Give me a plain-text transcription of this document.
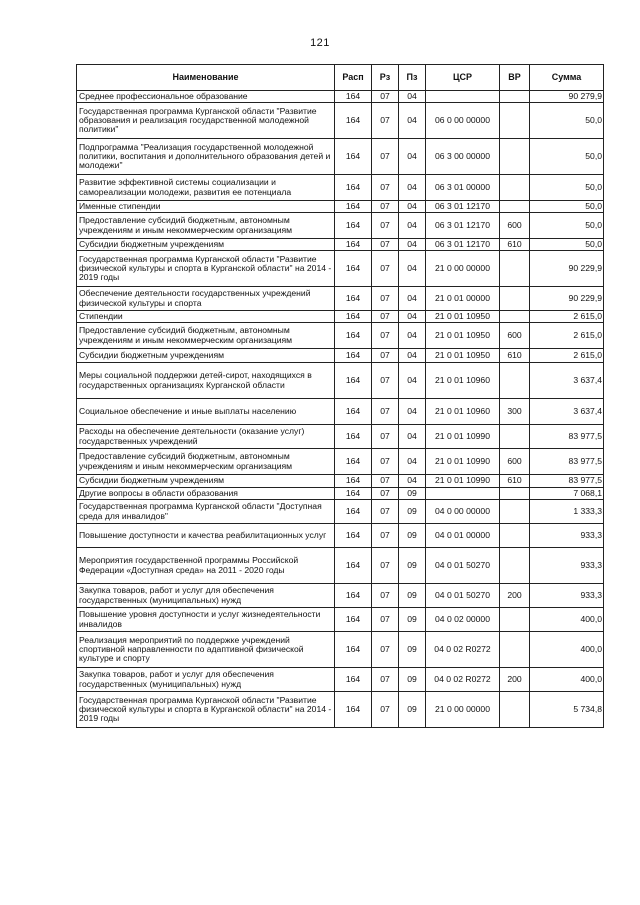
121
Наименование	Расп	Рз	Пз	ЦСР	ВР	Сумма
Среднее профессиональное образование	164	07	04			90 279,9
Государственная программа Курганской области "Развитие образования и реализация государственной молодежной политики"	164	07	04	06 0 00 00000		50,0
Подпрограмма "Реализация государственной молодежной политики, воспитания и дополнительного образования детей и молодежи"	164	07	04	06 3 00 00000		50,0
Развитие эффективной системы социализации и самореализации молодежи, развития ее потенциала	164	07	04	06 3 01 00000		50,0
Именные стипендии	164	07	04	06 3 01 12170		50,0
Предоставление субсидий бюджетным, автономным учреждениям и иным некоммерческим организациям	164	07	04	06 3 01 12170	600	50,0
Субсидии бюджетным учреждениям	164	07	04	06 3 01 12170	610	50,0
Государственная программа Курганской области "Развитие физической культуры и спорта в Курганской области" на 2014 - 2019 годы	164	07	04	21 0 00 00000		90 229,9
Обеспечение деятельности государственных учреждений физической культуры и спорта	164	07	04	21 0 01 00000		90 229,9
Стипендии	164	07	04	21 0 01 10950		2 615,0
Предоставление субсидий бюджетным, автономным учреждениям и иным некоммерческим организациям	164	07	04	21 0 01 10950	600	2 615,0
Субсидии бюджетным учреждениям	164	07	04	21 0 01 10950	610	2 615,0
Меры социальной поддержки детей-сирот, находящихся в государственных организациях Курганской области	164	07	04	21 0 01 10960		3 637,4
Социальное обеспечение и иные выплаты населению	164	07	04	21 0 01 10960	300	3 637,4
Расходы на обеспечение деятельности (оказание услуг) государственных учреждений	164	07	04	21 0 01 10990		83 977,5
Предоставление субсидий бюджетным, автономным учреждениям и иным некоммерческим организациям	164	07	04	21 0 01 10990	600	83 977,5
Субсидии бюджетным учреждениям	164	07	04	21 0 01 10990	610	83 977,5
Другие вопросы в области образования	164	07	09			7 068,1
Государственная программа Курганской области "Доступная среда для инвалидов"	164	07	09	04 0 00 00000		1 333,3
Повышение доступности и качества реабилитационных услуг	164	07	09	04 0 01 00000		933,3
Мероприятия государственной программы Российской Федерации «Доступная среда» на 2011 - 2020 годы	164	07	09	04 0 01 50270		933,3
Закупка товаров, работ и услуг для обеспечения государственных (муниципальных) нужд	164	07	09	04 0 01 50270	200	933,3
Повышение уровня доступности и услуг жизнедеятельности инвалидов	164	07	09	04 0 02 00000		400,0
Реализация мероприятий по поддержке учреждений спортивной направленности по адаптивной физической культуре и спорту	164	07	09	04 0 02 R0272		400,0
Закупка товаров, работ и услуг для обеспечения государственных (муниципальных) нужд	164	07	09	04 0 02 R0272	200	400,0
Государственная программа Курганской области "Развитие физической культуры и спорта в Курганской области" на 2014 - 2019 годы	164	07	09	21 0 00 00000		5 734,8
